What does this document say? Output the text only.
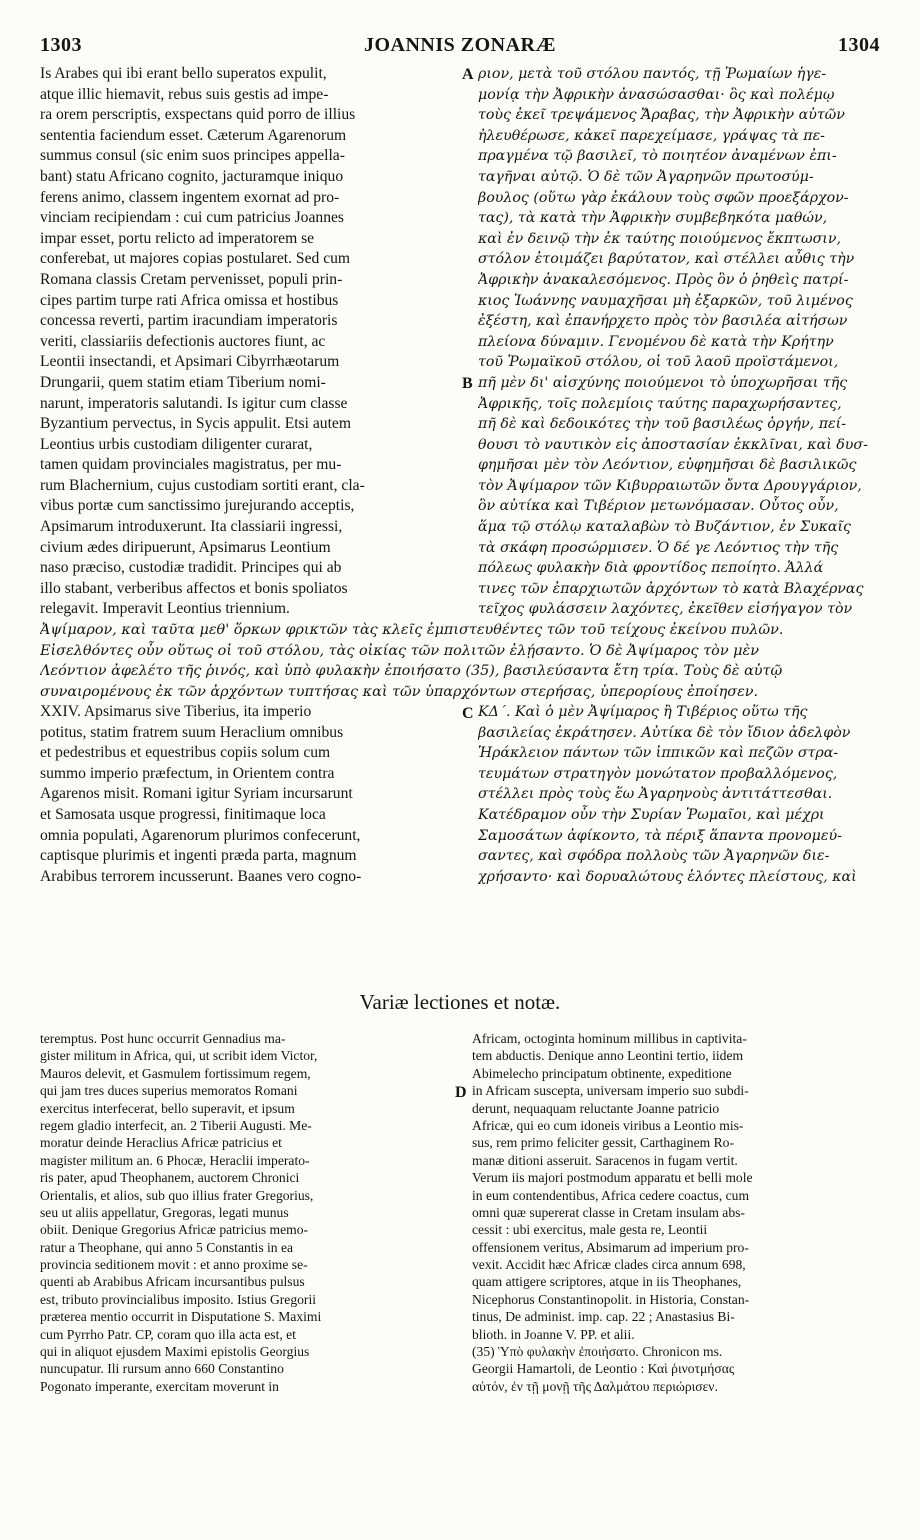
1303	JOANNIS ZONARÆ	1304
Is Arabes qui ibi erant bello superatos expulit,
atque illic hiemavit, rebus suis gestis ad impe-
ra orem perscriptis, exspectans quid porro de illius
sententia faciendum esset. Cæterum Agarenorum
summus consul (sic enim suos principes appella-
bant) statu Africano cognito, jacturamque iniquo
ferens animo, classem ingentem exornat ad pro-
vinciam recipiendam : cui cum patricius Joannes
impar esset, portu relicto ad imperatorem se
conferebat, ut majores copias postularet. Sed cum
Romana classis Cretam pervenisset, populi prin-
cipes partim turpe rati Africa omissa et hostibus
concessa reverti, partim iracundiam imperatoris
veriti, classiariis defectionis auctores fiunt, ac
Leontii insectandi, et Apsimari Cibyrrhæotarum
Drungarii, quem statim etiam Tiberium nomi-
narunt, imperatoris salutandi. Is igitur cum classe
Byzantium pervectus, in Sycis appulit. Etsi autem
Leontius urbis custodiam diligenter curarat,
tamen quidam provinciales magistratus, per mu-
rum Blachernium, cujus custodiam sortiti erant, cla-
vibus portæ cum sanctissimo jurejurando acceptis,
Apsimarum introduxerunt. Ita classiarii ingressi,
civium ædes diripuerunt, Apsimarus Leontium
naso præciso, custodiæ tradidit. Principes qui ab
illo stabant, verberibus affectos et bonis spoliatos
relegavit. Imperavit Leontius triennium.
ριον, μετὰ τοῦ στόλου παντός, τῇ Ῥωμαίων ἡγε-
μονίᾳ τὴν Ἀφρικὴν ἀνασώσασθαι· ὃς καὶ πολέμῳ
τοὺς ἐκεῖ τρεψάμενος Ἄραβας, τὴν Ἀφρικὴν αὐτῶν
ἠλευθέρωσε, κἀκεῖ παρεχείμασε, γράψας τὰ πε-
πραγμένα τῷ βασιλεῖ, τὸ ποιητέον ἀναμένων ἐπι-
ταγῆναι αὐτῷ. Ὁ δὲ τῶν Ἀγαρηνῶν πρωτοσύμ-
βουλος (οὕτω γὰρ ἐκάλουν τοὺς σφῶν προεξάρχον-
τας), τὰ κατὰ τὴν Ἀφρικὴν συμβεβηκότα μαθών,
καὶ ἐν δεινῷ τὴν ἐκ ταύτης ποιούμενος ἔκπτωσιν,
στόλον ἑτοιμάζει βαρύτατον, καὶ στέλλει αὖθις τὴν
Ἀφρικὴν ἀνακαλεσόμενος. Πρὸς ὃν ὁ ῥηθεὶς πατρί-
κιος Ἰωάννης ναυμαχῆσαι μὴ ἐξαρκῶν, τοῦ λιμένος
ἐξέστη, καὶ ἐπανήρχετο πρὸς τὸν βασιλέα αἰτήσων
πλείονα δύναμιν. Γενομένου δὲ κατὰ τὴν Κρήτην
τοῦ Ῥωμαϊκοῦ στόλου, οἱ τοῦ λαοῦ προϊστάμενοι,
πῆ μὲν δι' αἰσχύνης ποιούμενοι τὸ ὑποχωρῆσαι τῆς
Ἀφρικῆς, τοῖς πολεμίοις ταύτης παραχωρήσαντες,
πῆ δὲ καὶ δεδοικότες τὴν τοῦ βασιλέως ὀργήν, πεί-
θουσι τὸ ναυτικὸν εἰς ἀποστασίαν ἐκκλῖναι, καὶ δυσ-
φημῆσαι μὲν τὸν Λεόντιον, εὐφημῆσαι δὲ βασιλικῶς
τὸν Ἀψίμαρον τῶν Κιβυρραιωτῶν ὄντα Δρουγγάριον,
ὃν αὐτίκα καὶ Τιβέριον μετωνόμασαν. Οὗτος οὖν,
ἅμα τῷ στόλῳ καταλαβὼν τὸ Βυζάντιον, ἐν Συκαῖς
τὰ σκάφη προσώρμισεν. Ὁ δέ γε Λεόντιος τὴν τῆς
πόλεως φυλακὴν διὰ φροντίδος πεποίητο. Ἀλλά
τινες τῶν ἐπαρχιωτῶν ἀρχόντων τὸ κατὰ Βλαχέρνας
τεῖχος φυλάσσειν λαχόντες, ἐκεῖθεν εἰσήγαγον τὸν
A
B
Ἀψίμαρον, καὶ ταῦτα μεθ' ὅρκων φρικτῶν τὰς κλεῖς ἐμπιστευθέντες τῶν τοῦ τείχους ἐκείνου πυλῶν.
Εἰσελθόντες οὖν οὕτως οἱ τοῦ στόλου, τὰς οἰκίας τῶν πολιτῶν ἐλῄσαντο. Ὁ δὲ Ἀψίμαρος τὸν μὲν
Λεόντιον ἀφελέτο τῆς ῥινός, καὶ ὑπὸ φυλακὴν ἐποιήσατο (35), βασιλεύσαντα ἔτη τρία. Τοὺς δὲ αὐτῷ
συναιρομένους ἐκ τῶν ἀρχόντων τυπτήσας καὶ τῶν ὑπαρχόντων στερήσας, ὑπερορίους ἐποίησεν.
XXIV. Apsimarus sive Tiberius, ita imperio
potitus, statim fratrem suum Heraclium omnibus
et pedestribus et equestribus copiis solum cum
summo imperio præfectum, in Orientem contra
Agarenos misit. Romani igitur Syriam incursarunt
et Samosata usque progressi, finitimaque loca
omnia populati, Agarenorum plurimos confecerunt,
captisque plurimis et ingenti præda parta, magnum
Arabibus terrorem incusserunt. Baanes vero cogno-
ΚΔ΄. Καὶ ὁ μὲν Ἀψίμαρος ἢ Τιβέριος οὕτω τῆς
βασιλείας ἐκράτησεν. Αὐτίκα δὲ τὸν ἴδιον ἀδελφὸν
Ἡράκλειον πάντων τῶν ἱππικῶν καὶ πεζῶν στρα-
τευμάτων στρατηγὸν μονώτατον προβαλλόμενος,
στέλλει πρὸς τοὺς ἕω Ἀγαρηνοὺς ἀντιτάττεσθαι.
Κατέδραμον οὖν τὴν Συρίαν Ῥωμαῖοι, καὶ μέχρι
Σαμοσάτων ἀφίκοντο, τὰ πέριξ ἅπαντα προνομεύ-
σαντες, καὶ σφόδρα πολλοὺς τῶν Ἀγαρηνῶν διε-
χρήσαντο· καὶ δορυαλώτους ἑλόντες πλείστους, καὶ
C
Variæ lectiones et notæ.
teremptus. Post hunc occurrit Gennadius ma-
gister militum in Africa, qui, ut scribit idem Victor,
Mauros delevit, et Gasmulem fortissimum regem,
qui jam tres duces superius memoratos Romani
exercitus interfecerat, bello superavit, et ipsum
regem gladio interfecit, an. 2 Tiberii Augusti. Me-
moratur deinde Heraclius Africæ patricius et
magister militum an. 6 Phocæ, Heraclii imperato-
ris pater, apud Theophanem, auctorem Chronici
Orientalis, et alios, sub quo illius frater Gregorius,
seu ut aliis appellatur, Gregoras, legati munus
obiit. Denique Gregorius Africæ patricius memo-
ratur a Theophane, qui anno 5 Constantis in ea
provincia seditionem movit : et anno proxime se-
quenti ab Arabibus Africam incursantibus pulsus
est, tributo provincialibus imposito. Istius Gregorii
præterea mentio occurrit in Disputatione S. Maximi
cum Pyrrho Patr. CP, coram quo illa acta est, et
qui in aliquot ejusdem Maximi epistolis Georgius
nuncupatur. Ili rursum anno 660 Constantino
Pogonato imperante, exercitam moverunt in
Africam, octoginta hominum millibus in captivita-
tem abductis. Denique anno Leontini tertio, iidem
Abimelecho principatum obtinente, expeditione
in Africam suscepta, universam imperio suo subdi-
derunt, nequaquam reluctante Joanne patricio
Africæ, qui eo cum idoneis viribus a Leontio mis-
sus, rem primo feliciter gessit, Carthaginem Ro-
manæ ditioni asseruit. Saracenos in fugam vertit.
Verum iis majori postmodum apparatu et belli mole
in eum contendentibus, Africa cedere coactus, cum
omni quæ supererat classe in Cretam insulam abs-
cessit : ubi exercitus, male gesta re, Leontii
offensionem veritus, Absimarum ad imperium pro-
vexit. Accidit hæc Africæ clades circa annum 698,
quam attigere scriptores, atque in iis Theophanes,
Nicephorus Constantinopolit. in Historia, Constan-
tinus, De administ. imp. cap. 22 ; Anastasius Bi-
blioth. in Joanne V. PP. et alii.
(35) Ὑπὸ φυλακὴν ἐποιήσατο. Chronicon ms.
Georgii Hamartoli, de Leontio : Καὶ ῥινοτμήσας
αὐτόν, ἐν τῇ μονῇ τῆς Δαλμάτου περιώρισεν.
D
